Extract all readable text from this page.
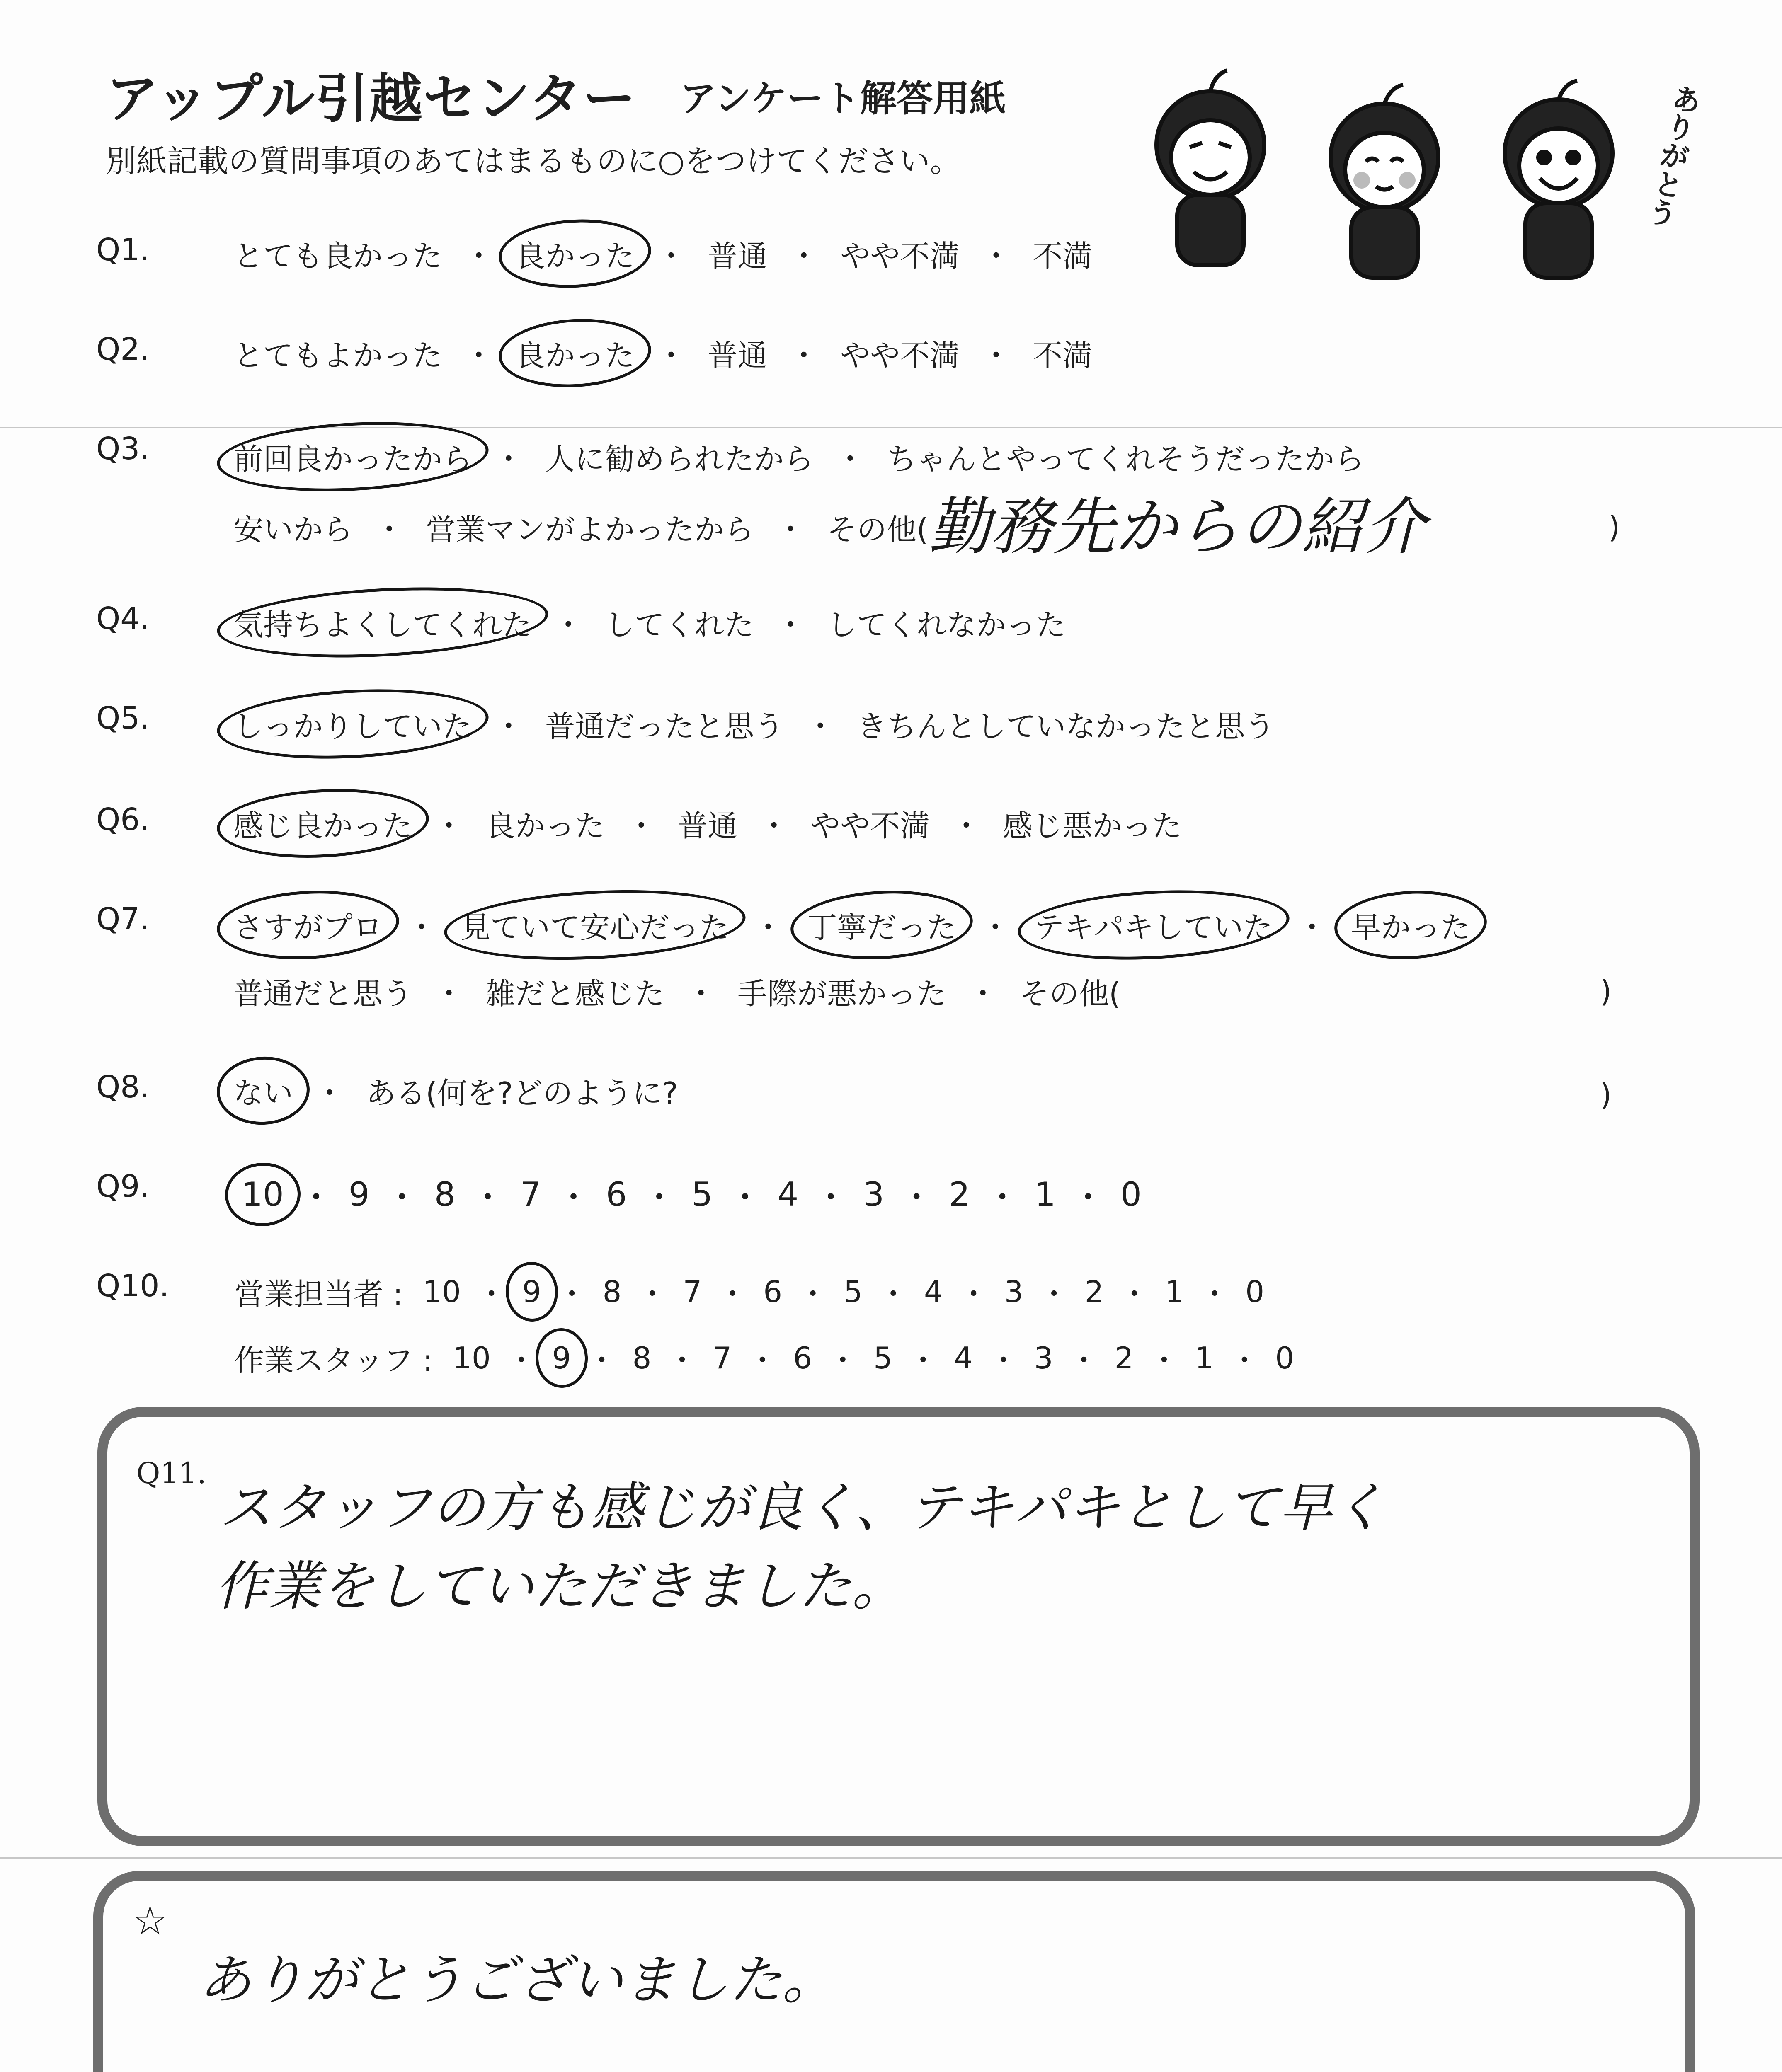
アップル引越センター アンケート解答用紙
別紙記載の質問事項のあてはまるものに○をつけてください。	ありがとう
Q1.	とても良かった ・ 良かった ・ 普通 ・ やや不満 ・ 不満
Q2.	とてもよかった ・ 良かった ・ 普通 ・ やや不満 ・ 不満
Q3.	前回良かったから ・ 人に勧められたから ・ ちゃんとやってくれそうだったから
安いから ・ 営業マンがよかったから ・ その他( 勤務先からの紹介	)
Q4.	気持ちよくしてくれた ・ してくれた ・ してくれなかった
Q5.	しっかりしていた ・ 普通だったと思う ・ きちんとしていなかったと思う
Q6.	感じ良かった ・ 良かった ・ 普通 ・ やや不満 ・ 感じ悪かった
Q7.	さすがプロ ・ 見ていて安心だった ・ 丁寧だった ・ テキパキしていた ・ 早かった
普通だと思う ・ 雑だと感じた ・ 手際が悪かった ・ その他(	)
Q8.	ない ・ ある(何を?どのように?	)
Q9.	10 ・ 9 ・ 8 ・ 7 ・ 6 ・ 5 ・ 4 ・ 3 ・ 2 ・ 1 ・ 0
Q10. 営業担当者 : 10 ・ 9 ・ 8 ・ 7 ・ 6 ・ 5 ・ 4 ・ 3 ・ 2 ・ 1 ・ 0
作業スタッフ : 10 ・ 9 ・ 8 ・ 7 ・ 6 ・ 5 ・ 4 ・ 3 ・ 2 ・ 1 ・ 0
Q11.
スタッフの方も感じが良く、テキパキとして早く
作業をしていただきました。
☆
ありがとうございました。
